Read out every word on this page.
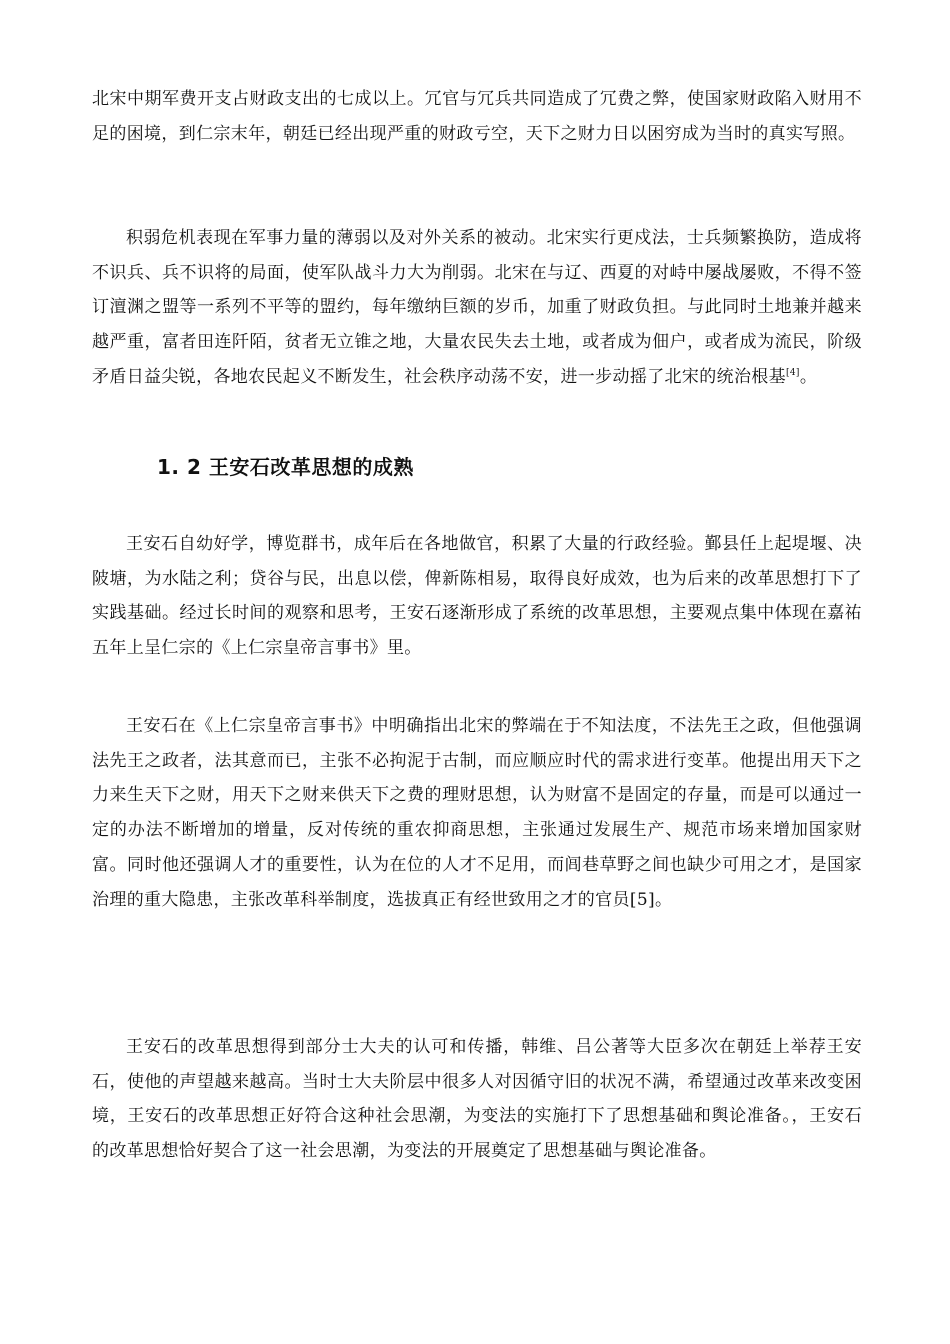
北宋中期军费开支占财政支出的七成以上。冗官与冗兵共同造成了冗费之弊，使国家财政陷入财用不足的困境，到仁宗末年，朝廷已经出现严重的财政亏空，天下之财力日以困穷成为当时的真实写照。

积弱危机表现在军事力量的薄弱以及对外关系的被动。北宋实行更戍法，士兵频繁换防，造成将不识兵、兵不识将的局面，使军队战斗力大为削弱。北宋在与辽、西夏的对峙中屡战屡败，不得不签订澶渊之盟等一系列不平等的盟约，每年缴纳巨额的岁币，加重了财政负担。与此同时土地兼并越来越严重，富者田连阡陌，贫者无立锥之地，大量农民失去土地，或者成为佃户，或者成为流民，阶级矛盾日益尖锐，各地农民起义不断发生，社会秩序动荡不安，进一步动摇了北宋的统治根基[4]。

1. 2 王安石改革思想的成熟

王安石自幼好学，博览群书，成年后在各地做官，积累了大量的行政经验。鄞县任上起堤堰、决陂塘，为水陆之利；贷谷与民，出息以偿，俾新陈相易，取得良好成效，也为后来的改革思想打下了实践基础。经过长时间的观察和思考，王安石逐渐形成了系统的改革思想，主要观点集中体现在嘉祐五年上呈仁宗的《上仁宗皇帝言事书》里。

王安石在《上仁宗皇帝言事书》中明确指出北宋的弊端在于不知法度，不法先王之政，但他强调法先王之政者，法其意而已，主张不必拘泥于古制，而应顺应时代的需求进行变革。他提出用天下之力来生天下之财，用天下之财来供天下之费的理财思想，认为财富不是固定的存量，而是可以通过一定的办法不断增加的增量，反对传统的重农抑商思想，主张通过发展生产、规范市场来增加国家财富。同时他还强调人才的重要性，认为在位的人才不足用，而闾巷草野之间也缺少可用之才，是国家治理的重大隐患，主张改革科举制度，选拔真正有经世致用之才的官员[5]。

王安石的改革思想得到部分士大夫的认可和传播，韩维、吕公著等大臣多次在朝廷上举荐王安石，使他的声望越来越高。当时士大夫阶层中很多人对因循守旧的状况不满，希望通过改革来改变困境，王安石的改革思想正好符合这种社会思潮，为变法的实施打下了思想基础和舆论准备。，王安石的改革思想恰好契合了这一社会思潮，为变法的开展奠定了思想基础与舆论准备。
